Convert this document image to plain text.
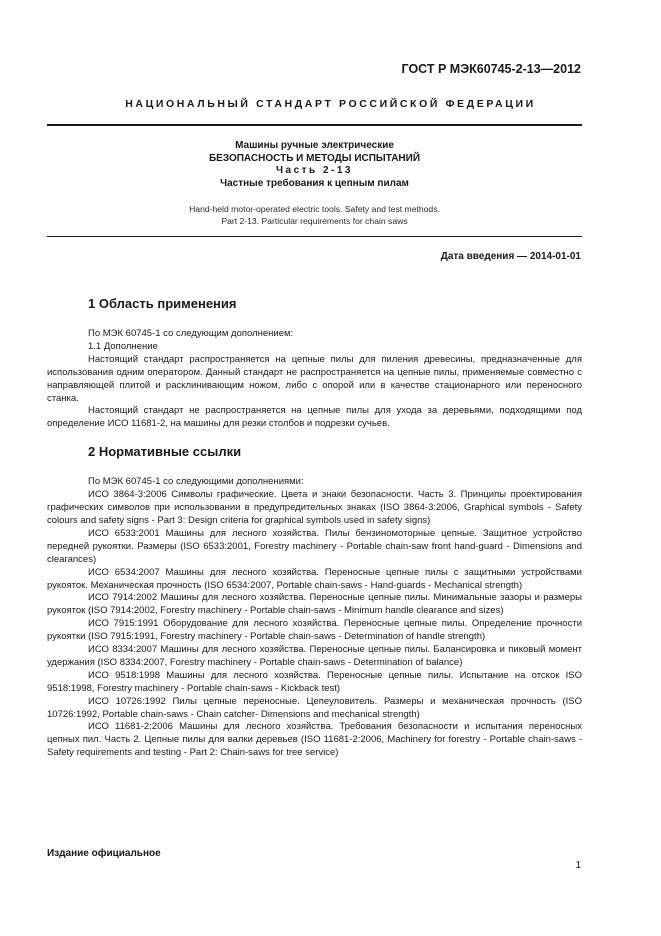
ГОСТ Р МЭК60745-2-13—2012

НАЦИОНАЛЬНЫЙ СТАНДАРТ РОССИЙСКОЙ ФЕДЕРАЦИИ

Машины ручные электрические
БЕЗОПАСНОСТЬ И МЕТОДЫ ИСПЫТАНИЙ
Часть 2-13
Частные требования к цепным пилам
Hand-held motor-operated electric tools. Safety and test methods.
Part 2-13. Particular requirements for chain saws

Дата введения — 2014-01-01

1 Область применения

По МЭК 60745-1 со следующим дополнением:

1.1 Дополнение

Настоящий стандарт распространяется на цепные пилы для пиления древесины, предназначенные для использования одним оператором. Данный стандарт не распространяется на цепные пилы, применяемые совместно с направляющей плитой и расклинивающим ножом, либо с опорой или в качестве стационарного или переносного станка.

Настоящий стандарт не распространяется на цепные пилы для ухода за деревьями, подходящими под определение ИСО 11681-2, на машины для резки столбов и подрезки сучьев.

2 Нормативные ссылки

По МЭК 60745-1 со следующими дополнениями:

ИСО 3864-3:2006 Символы графические. Цвета и знаки безопасности. Часть 3. Принципы проектирования графических символов при использовании в предупредительных знаках (ISO 3864-3:2006, Graphical symbols - Safety colours and safety signs - Part 3: Design criteria for graphical symbols used in safety signs)

ИСО 6533:2001 Машины для лесного хозяйства. Пилы бензиномоторные цепные. Защитное устройство передней рукоятки. Размеры (ISO 6533:2001, Forestry machinery - Portable chain-saw front hand-guard - Dimensions and clearances)

ИСО 6534:2007 Машины для лесного хозяйства. Переносные цепные пилы с защитными устройствами рукояток. Механическая прочность (ISO 6534:2007, Portable chain-saws - Hand-guards - Mechanical strength)

ИСО 7914:2002 Машины для лесного хозяйства. Переносные цепные пилы. Минимальные зазоры и размеры рукояток (ISO 7914:2002, Forestry machinery - Portable chain-saws - Minimum handle clearance and sizes)

ИСО 7915:1991 Оборудование для лесного хозяйства. Переносные цепные пилы. Определение прочности рукоятки (ISO 7915:1991, Forestry machinery - Portable chain-saws - Determination of handle strength)

ИСО 8334:2007 Машины для лесного хозяйства. Переносные цепные пилы. Балансировка и пиковый момент удержания (ISO 8334:2007, Forestry machinery - Portable chain-saws - Determination of balance)

ИСО 9518:1998 Машины для лесного хозяйства. Переносные цепные пилы. Испытание на отскок ISO 9518:1998, Forestry machinery - Portable chain-saws - Kickback test)

ИСО 10726:1992 Пилы цепные переносные. Цепеуловитель. Размеры и механическая прочность (ISO 10726:1992, Portable chain-saws - Chain catcher- Dimensions and mechanical strength)

ИСО 11681-2:2006 Машины для лесного хозяйства. Требования безопасности и испытания переносных цепных пил. Часть 2. Цепные пилы для валки деревьев (ISO 11681-2:2006, Machinery for forestry - Portable chain-saws - Safety requirements and testing - Part 2: Chain-saws for tree service)

Издание официальное

1
